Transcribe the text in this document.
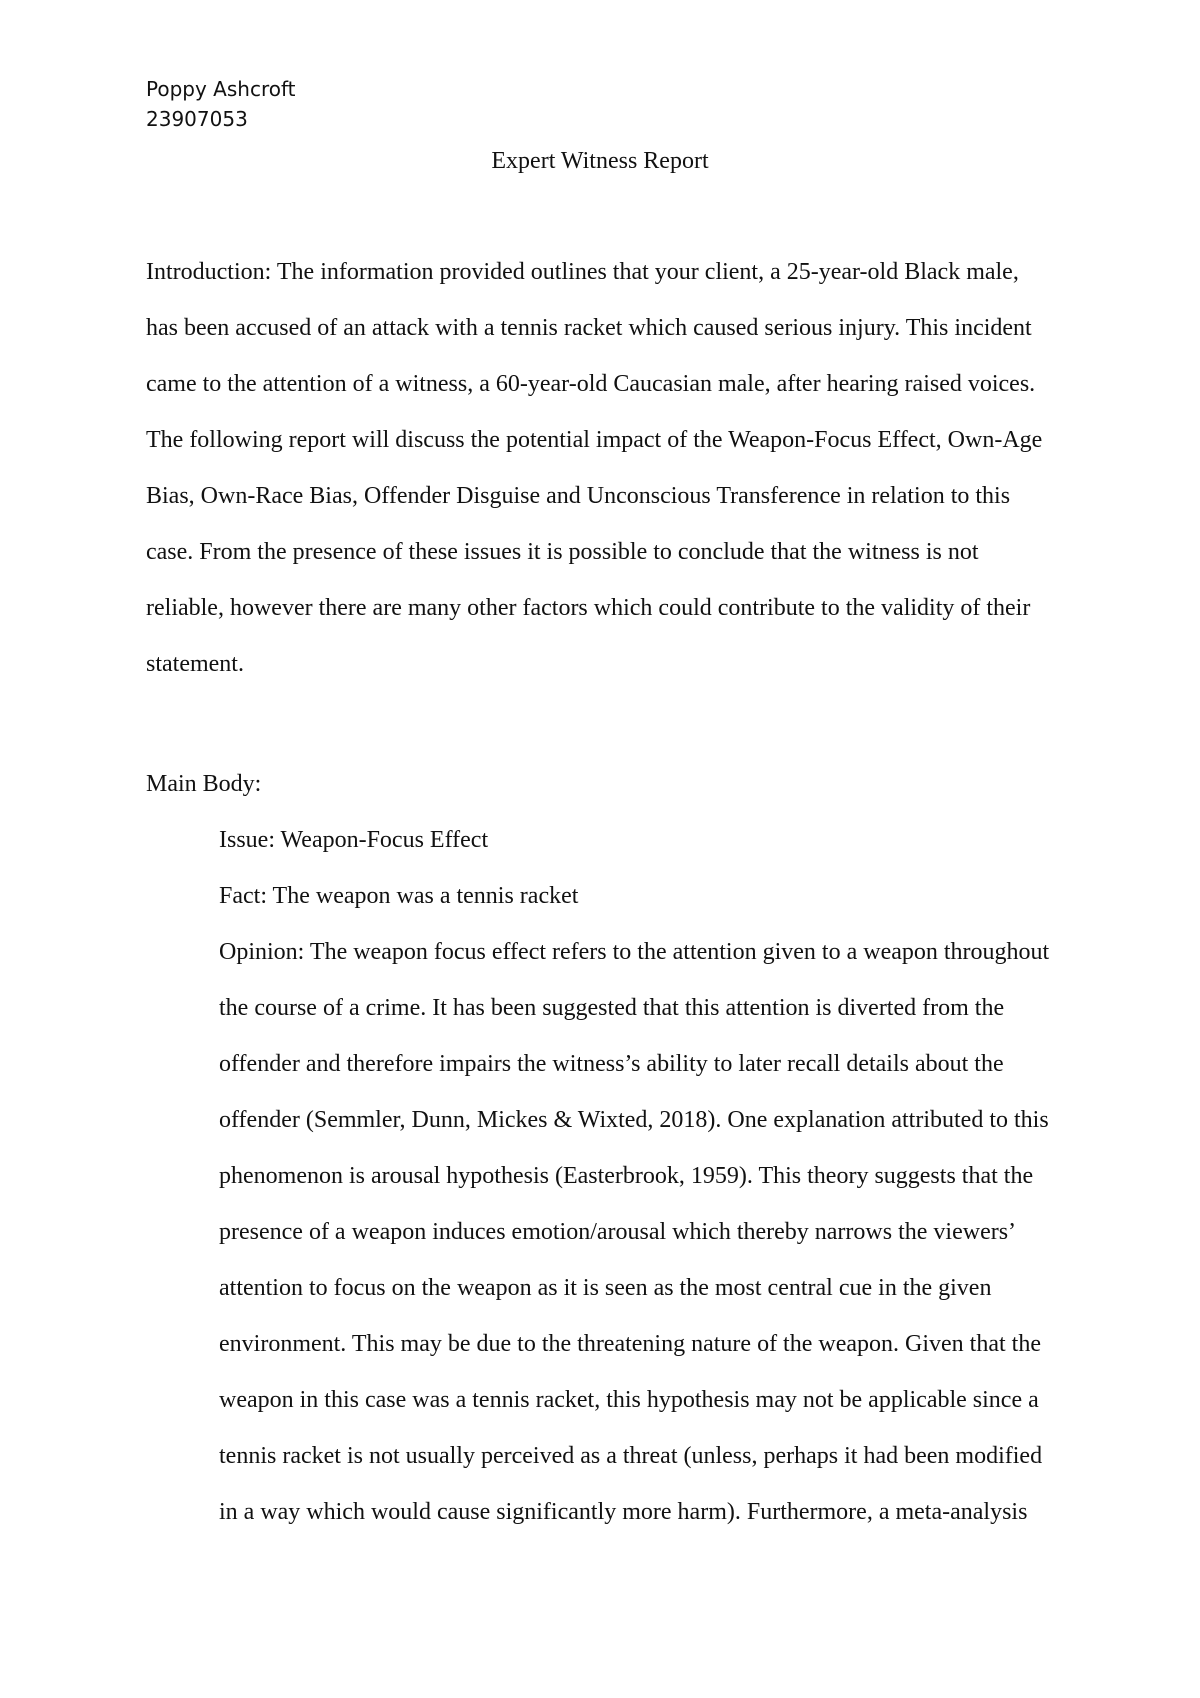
Poppy Ashcroft
23907053
Expert Witness Report

Introduction: The information provided outlines that your client, a 25-year-old Black male,
has been accused of an attack with a tennis racket which caused serious injury. This incident
came to the attention of a witness, a 60-year-old Caucasian male, after hearing raised voices.
The following report will discuss the potential impact of the Weapon-Focus Effect, Own-Age
Bias, Own-Race Bias, Offender Disguise and Unconscious Transference in relation to this
case. From the presence of these issues it is possible to conclude that the witness is not
reliable, however there are many other factors which could contribute to the validity of their
statement.

Main Body:

Issue: Weapon-Focus Effect
Fact: The weapon was a tennis racket

Opinion: The weapon focus effect refers to the attention given to a weapon throughout
the course of a crime. It has been suggested that this attention is diverted from the
offender and therefore impairs the witness’s ability to later recall details about the
offender (Semmler, Dunn, Mickes & Wixted, 2018). One explanation attributed to this
phenomenon is arousal hypothesis (Easterbrook, 1959). This theory suggests that the
presence of a weapon induces emotion/arousal which thereby narrows the viewers’
attention to focus on the weapon as it is seen as the most central cue in the given
environment. This may be due to the threatening nature of the weapon. Given that the
weapon in this case was a tennis racket, this hypothesis may not be applicable since a
tennis racket is not usually perceived as a threat (unless, perhaps it had been modified
in a way which would cause significantly more harm). Furthermore, a meta-analysis
